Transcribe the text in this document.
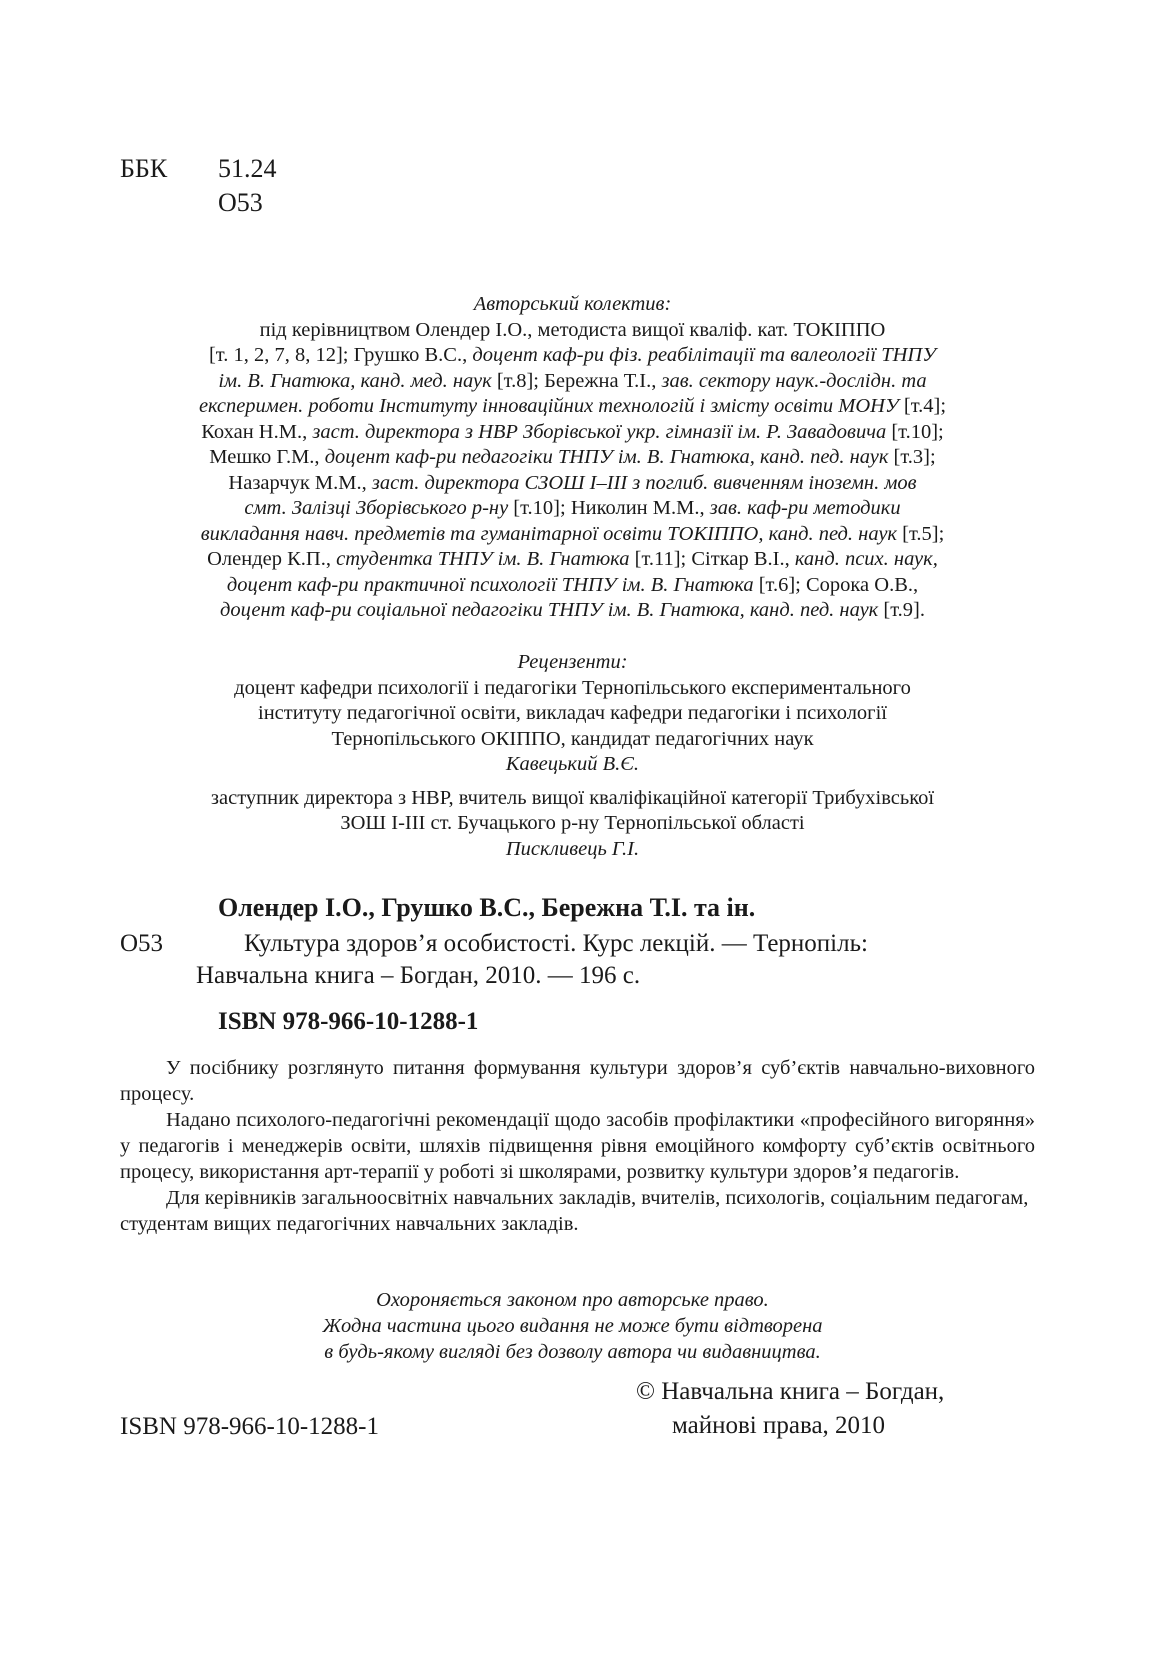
ББК 51.24
О53
Авторський колектив:
під керівництвом Олендер І.О., методиста вищої кваліф. кат. ТОКІППО
[т. 1, 2, 7, 8, 12]; Грушко В.С., доцент каф-ри фіз. реабілітації та валеології ТНПУ
ім. В. Гнатюка, канд. мед. наук [т.8]; Бережна Т.І., зав. сектору наук.-дослідн. та
експеримен. роботи Інституту інноваційних технологій і змісту освіти МОНУ [т.4];
Кохан Н.М., заст. директора з НВР Зборівської укр. гімназії ім. Р. Завадовича [т.10];
Мешко Г.М., доцент каф-ри педагогіки ТНПУ ім. В. Гнатюка, канд. пед. наук [т.3];
Назарчук М.М., заст. директора СЗОШ I–III з поглиб. вивченням іноземн. мов
смт. Залізці Зборівського р-ну [т.10]; Николин М.М., зав. каф-ри методики
викладання навч. предметів та гуманітарної освіти ТОКІППО, канд. пед. наук [т.5];
Олендер К.П., студентка ТНПУ ім. В. Гнатюка [т.11]; Сіткар В.І., канд. псих. наук,
доцент каф-ри практичної психології ТНПУ ім. В. Гнатюка [т.6]; Сорока О.В.,
доцент каф-ри соціальної педагогіки ТНПУ ім. В. Гнатюка, канд. пед. наук [т.9].
Рецензенти:
доцент кафедри психології і педагогіки Тернопільського експериментального
інституту педагогічної освіти, викладач кафедри педагогіки і психології
Тернопільського ОКІППО, кандидат педагогічних наук
Кавецький В.Є.
заступник директора з НВР, вчитель вищої кваліфікаційної категорії Трибухівської
ЗОШ І-ІІІ ст. Бучацького р-ну Тернопільської області
Пискливець Г.І.
Олендер І.О., Грушко В.С., Бережна Т.І. та ін.
О53	Культура здоров’я особистості. Курс лекцій. — Тернопіль:
Навчальна книга – Богдан, 2010. — 196 с.
ISBN 978-966-10-1288-1

У посібнику розглянуто питання формування культури здоров’я суб’єктів навчально-виховного процесу.

Надано психолого-педагогічні рекомендації щодо засобів профілактики «професійного вигоряння» у педагогів і менеджерів освіти, шляхів підвищення рівня емоційного комфорту суб’єктів освітнього процесу, використання арт-терапії у роботі зі школярами, розвитку культури здоров’я педагогів.

Для керівників загальноосвітніх навчальних закладів, вчителів, психологів, соціальним педагогам, студентам вищих педагогічних навчальних закладів.

Охороняється законом про авторське право.
Жодна частина цього видання не може бути відтворена
в будь-якому вигляді без дозволу автора чи видавництва.
ISBN 978-966-10-1288-1
© Навчальна книга – Богдан,
майнові права, 2010
